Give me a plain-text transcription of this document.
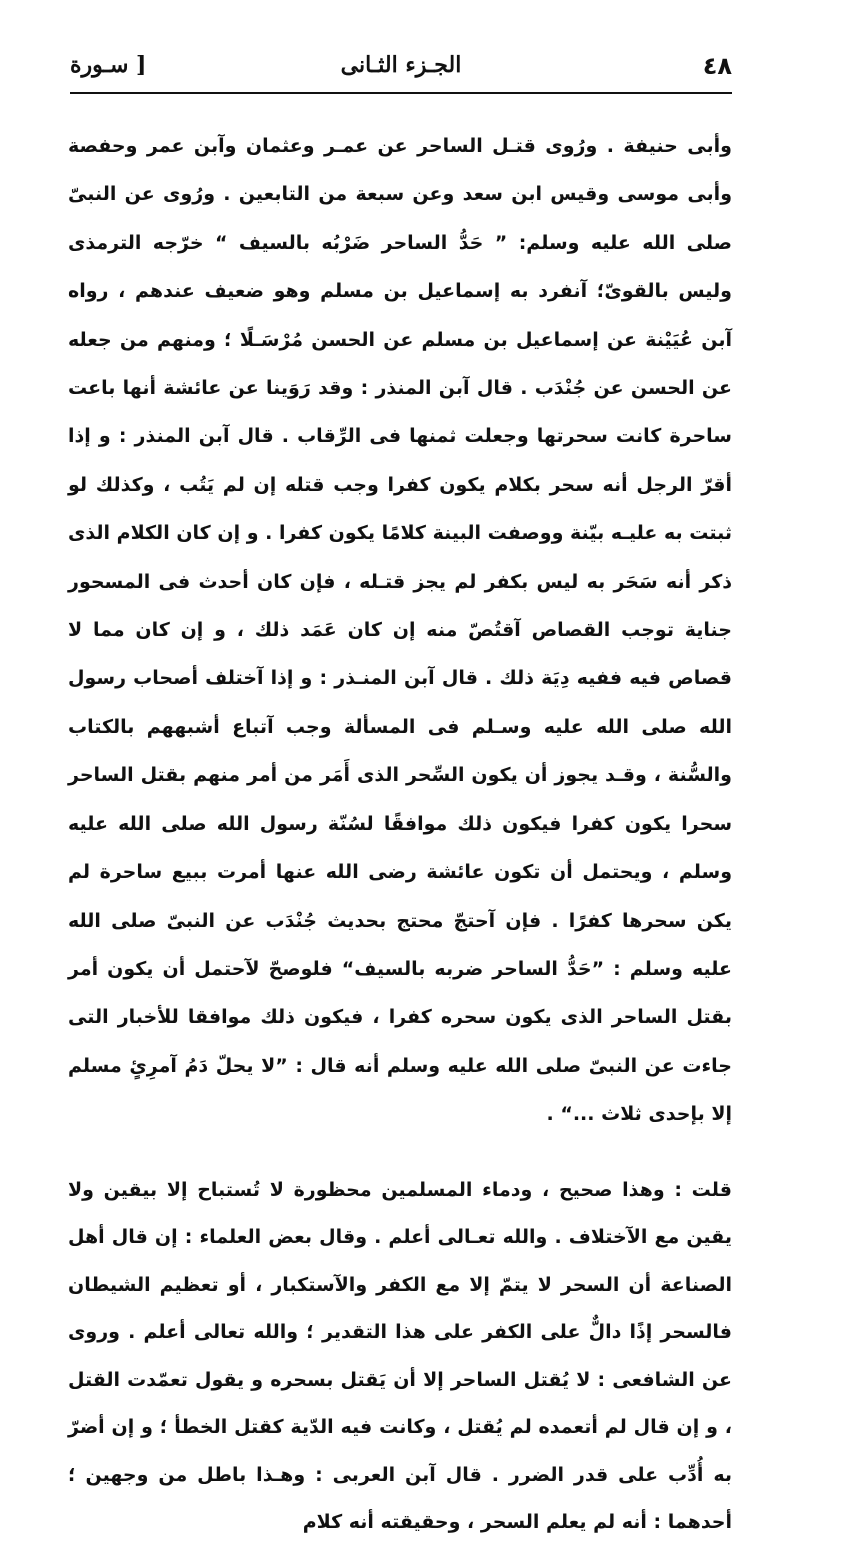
٤٨
الجـزء الثـانى
[ سـورة

وأبى حنيفة . ورُوى قتـل الساحر عن عمـر وعثمان وآبن عمر وحفصة وأبى موسى وقيس ابن سعد وعن سبعة من التابعين . ورُوى عن النبىّ صلى الله عليه وسلم: ” حَدُّ الساحر ضَرْبُه بالسيف “ خرّجه الترمذى وليس بالقوىّ؛ آنفرد به إسماعيل بن مسلم وهو ضعيف عندهم ، رواه آبن عُيَيْنة عن إسماعيل بن مسلم عن الحسن مُرْسَـلًا ؛ ومنهم من جعله عن الحسن عن جُنْدَب . قال آبن المنذر : وقد رَوَينا عن عائشة أنها باعت ساحرة كانت سحرتها وجعلت ثمنها فى الرِّقاب . قال آبن المنذر : و إذا أقرّ الرجل أنه سحر بكلام يكون كفرا وجب قتله إن لم يَتُب ، وكذلك لو ثبتت به عليـه بيّنة ووصفت البينة كلامًا يكون كفرا . و إن كان الكلام الذى ذكر أنه سَحَر به ليس بكفر لم يجز قتـله ، فإن كان أحدث فى المسحور جناية توجب القصاص آقتُصّ منه إن كان عَمَد ذلك ، و إن كان مما لا قصاص فيه ففيه دِيَة ذلك . قال آبن المنـذر : و إذا آختلف أصحاب رسول الله صلى الله عليه وسـلم فى المسألة وجب آتباع أشبههم بالكتاب والسُّنة ، وقـد يجوز أن يكون السِّحر الذى أَمَر من أمر منهم بقتل الساحر سحرا يكون كفرا فيكون ذلك موافقًا لسُنّة رسول الله صلى الله عليه وسلم ، ويحتمل أن تكون عائشة رضى الله عنها أمرت ببيع ساحرة لم يكن سحرها كفرًا . فإن آحتجّ محتج بحديث جُنْدَب عن النبىّ صلى الله عليه وسلم : ”حَدُّ الساحر ضربه بالسيف“ فلوصحّ لآحتمل أن يكون أمر بقتل الساحر الذى يكون سحره كفرا ، فيكون ذلك موافقا للأخبار التى جاءت عن النبىّ صلى الله عليه وسلم أنه قال : ”لا يحلّ دَمُ آمرِئٍ مسلم إلا بإحدى ثلاث ...“ .

قلت : وهذا صحيح ، ودماء المسلمين محظورة لا تُستباح إلا بيقين ولا يقين مع الآختلاف . والله تعـالى أعلم . وقال بعض العلماء : إن قال أهل الصناعة أن السحر لا يتمّ إلا مع الكفر والآستكبار ، أو تعظيم الشيطان فالسحر إذًا دالٌّ على الكفر على هذا التقدير ؛ والله تعالى أعلم . وروى عن الشافعى : لا يُقتل الساحر إلا أن يَقتل بسحره و يقول تعمّدت القتل ، و إن قال لم أتعمده لم يُقتل ، وكانت فيه الدّية كقتل الخطأ ؛ و إن أضرّ به أُدِّب على قدر الضرر . قال آبن العربى : وهـذا باطل من وجهين ؛ أحدهما : أنه لم يعلم السحر ، وحقيقته أنه كلام
